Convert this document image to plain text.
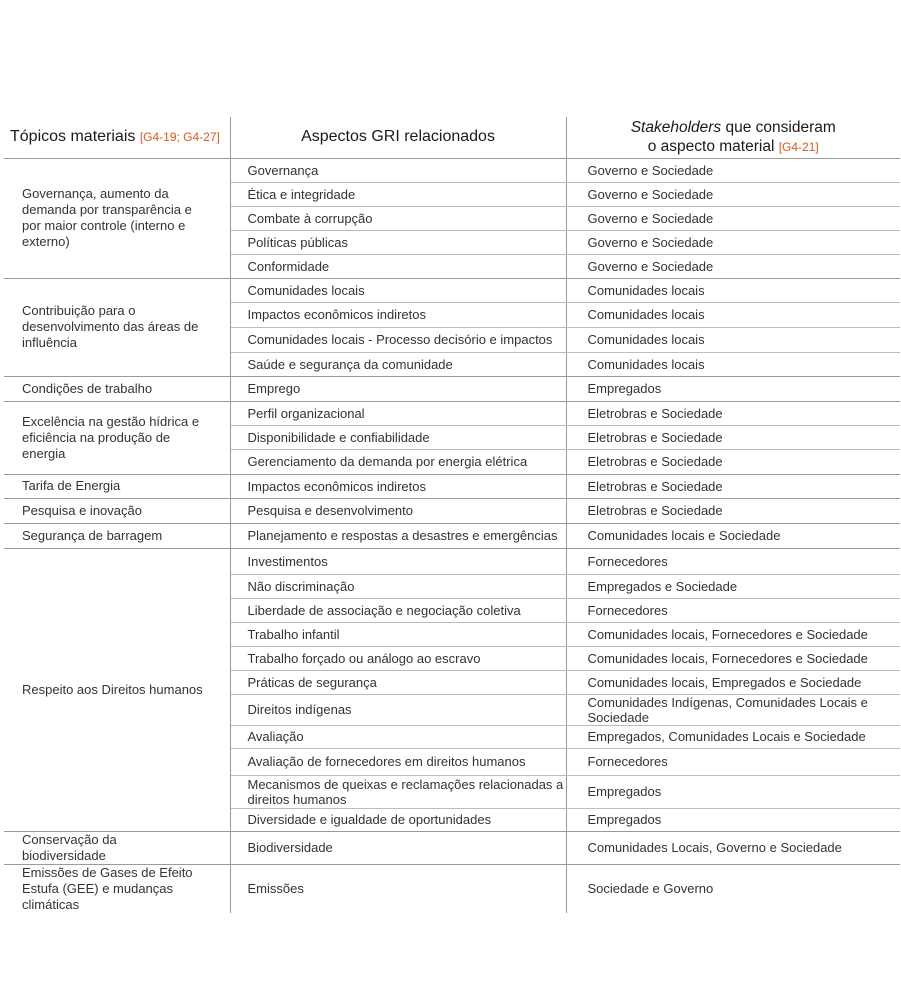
Tópicos materiais [G4-19; G4-27]	Aspectos GRI relacionados	Stakeholders que consideram
o aspecto material [G4-21]

Governança, aumento da demanda por transparência e por maior controle (interno e externo)	Governança	Governo e Sociedade
	Ética e integridade	Governo e Sociedade
	Combate à corrupção	Governo e Sociedade
	Políticas públicas	Governo e Sociedade
	Conformidade	Governo e Sociedade
Contribuição para o desenvolvimento das áreas de influência	Comunidades locais	Comunidades locais
	Impactos econômicos indiretos	Comunidades locais
	Comunidades locais - Processo decisório e impactos	Comunidades locais
	Saúde e segurança da comunidade	Comunidades locais
Condições de trabalho	Emprego	Empregados
Excelência na gestão hídrica e eficiência na produção de energia	Perfil organizacional	Eletrobras e Sociedade
	Disponibilidade e confiabilidade	Eletrobras e Sociedade
	Gerenciamento da demanda por energia elétrica	Eletrobras e Sociedade
Tarifa de Energia	Impactos econômicos indiretos	Eletrobras e Sociedade
Pesquisa e inovação	Pesquisa e desenvolvimento	Eletrobras e Sociedade
Segurança de barragem	Planejamento e respostas a desastres e emergências	Comunidades locais e Sociedade
Respeito aos Direitos humanos	Investimentos	Fornecedores
	Não discriminação	Empregados e Sociedade
	Liberdade de associação e negociação coletiva	Fornecedores
	Trabalho infantil	Comunidades locais, Fornecedores e Sociedade
	Trabalho forçado ou análogo ao escravo	Comunidades locais, Fornecedores e Sociedade
	Práticas de segurança	Comunidades locais, Empregados e Sociedade
	Direitos indígenas	Comunidades Indígenas, Comunidades Locais e Sociedade
	Avaliação	Empregados, Comunidades Locais e Sociedade
	Avaliação de fornecedores em direitos humanos	Fornecedores
	Mecanismos de queixas e reclamações relacionadas a direitos humanos	Empregados
	Diversidade e igualdade de oportunidades	Empregados
Conservação da biodiversidade	Biodiversidade	Comunidades Locais, Governo e Sociedade
Emissões de Gases de Efeito Estufa (GEE) e mudanças climáticas	Emissões	Sociedade e Governo
